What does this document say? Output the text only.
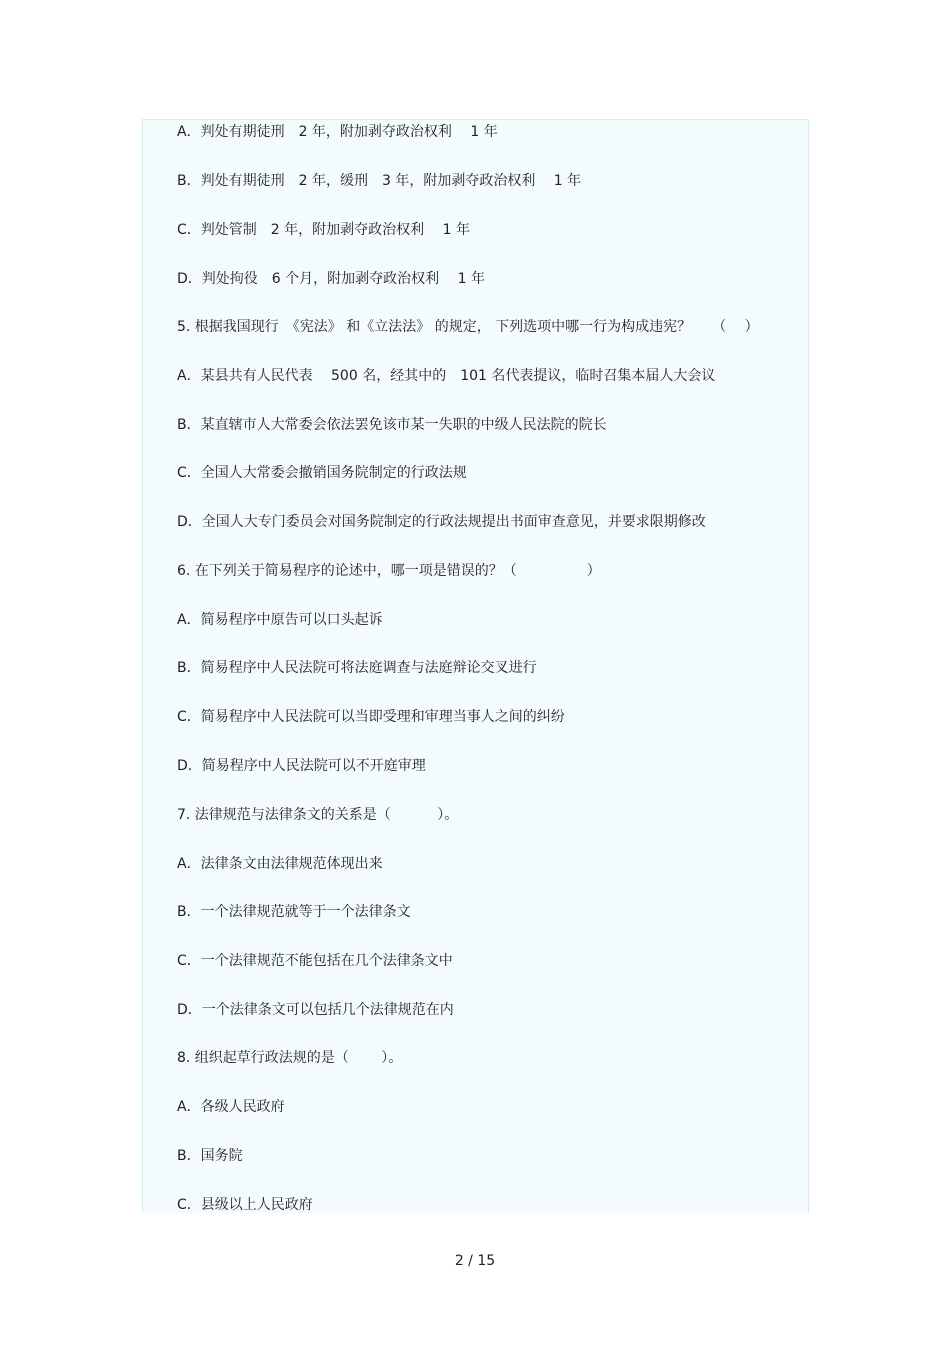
A．判处有期徒刑　2 年，附加剥夺政治权利　 1 年
B．判处有期徒刑　2 年，缓刑　3 年，附加剥夺政治权利　 1 年
C．判处管制　2 年，附加剥夺政治权利　 1 年
D．判处拘役　6 个月，附加剥夺政治权利　 1 年
5. 根据我国现行　《宪法》 和《立法法》 的规定， 下列选项中哪一行为构成违宪？　　（　 ）
A．某县共有人民代表　 500 名，经其中的　101 名代表提议，临时召集本届人大会议
B．某直辖市人大常委会依法罢免该市某一失职的中级人民法院的院长
C．全国人大常委会撤销国务院制定的行政法规
D．全国人大专门委员会对国务院制定的行政法规提出书面审查意见，并要求限期修改
6. 在下列关于简易程序的论述中，哪一项是错误的？（　　　　　）
A．简易程序中原告可以口头起诉
B．简易程序中人民法院可将法庭调查与法庭辩论交叉进行
C．简易程序中人民法院可以当即受理和审理当事人之间的纠纷
D．简易程序中人民法院可以不开庭审理
7. 法律规范与法律条文的关系是（　　　 ）。
A．法律条文由法律规范体现出来
B．一个法律规范就等于一个法律条文
C．一个法律规范不能包括在几个法律条文中
D．一个法律条文可以包括几个法律规范在内
8. 组织起草行政法规的是（　　 ）。
A．各级人民政府
B．国务院
C．县级以上人民政府
2 / 15
